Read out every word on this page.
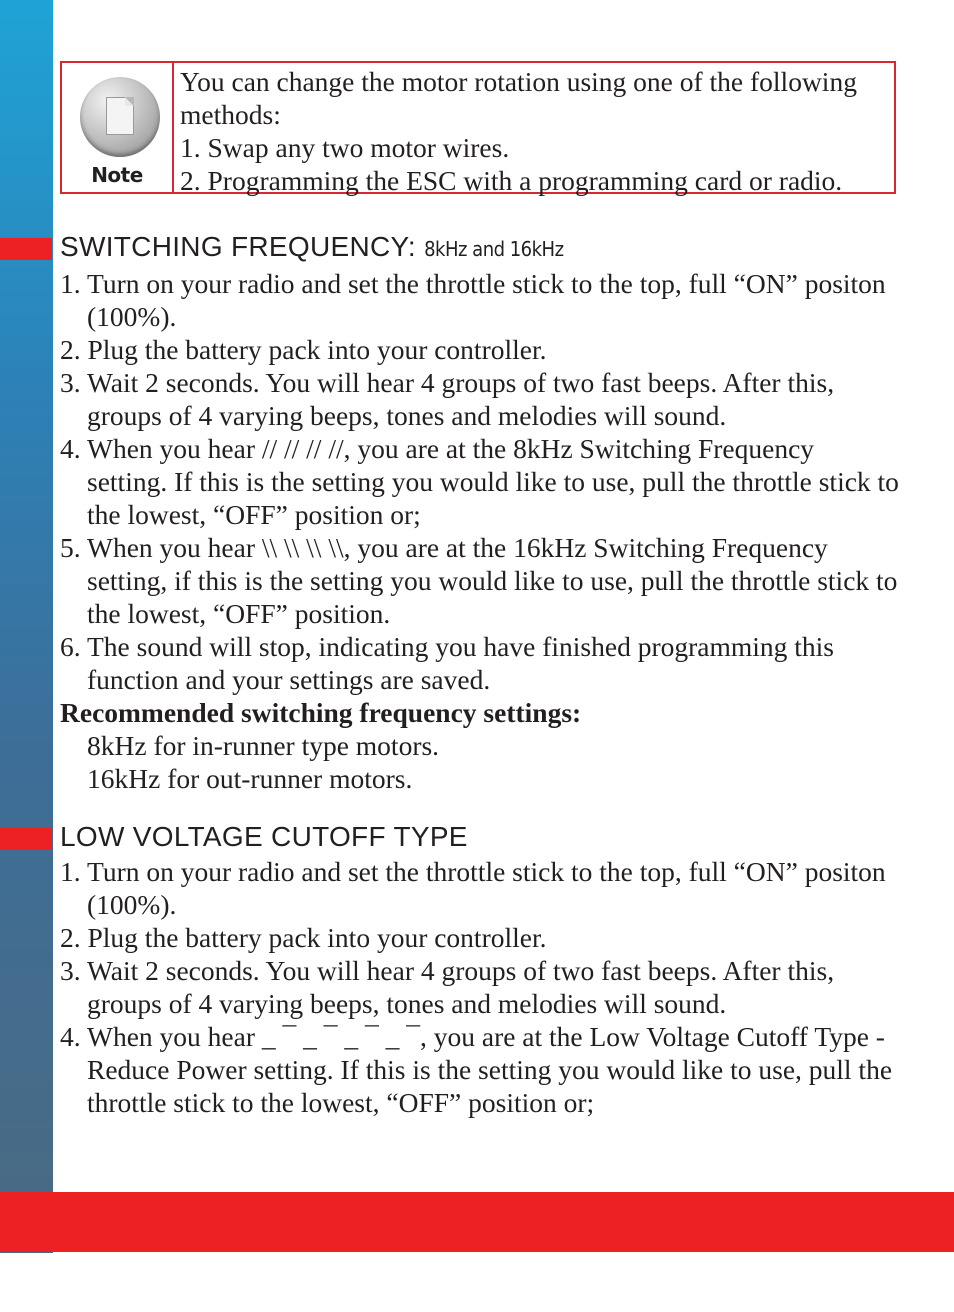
Note
You can change the motor rotation using one of the following
methods:
1. Swap any two motor wires.
2. Programming the ESC with a programming card or radio.
SWITCHING FREQUENCY: 8kHz and 16kHz
1. Turn on your radio and set the throttle stick to the top, full “ON” positon (100%).
2. Plug the battery pack into your controller.
3. Wait 2 seconds. You will hear 4 groups of two fast beeps. After this, groups of 4 varying beeps, tones and melodies will sound.
4. When you hear // // // //, you are at the 8kHz Switching Frequency setting. If this is the setting you would like to use, pull the throttle stick to the lowest, “OFF” position or;
5. When you hear \\ \\ \\ \\, you are at the 16kHz Switching Frequency setting, if this is the setting you would like to use, pull the throttle stick to the lowest, “OFF” position.
6. The sound will stop, indicating you have finished programming this function and your settings are saved.
Recommended switching frequency settings:
8kHz for in-runner type motors.
16kHz for out-runner motors.
LOW VOLTAGE CUTOFF TYPE
1. Turn on your radio and set the throttle stick to the top, full “ON” positon (100%).
2. Plug the battery pack into your controller.
3. Wait 2 seconds. You will hear 4 groups of two fast beeps. After this, groups of 4 varying beeps, tones and melodies will sound.
4. When you hear _ ¯ _ ¯ _ ¯ _ ¯, you are at the Low Voltage Cutoff Type - Reduce Power setting. If this is the setting you would like to use, pull the throttle stick to the lowest, “OFF” position or;
